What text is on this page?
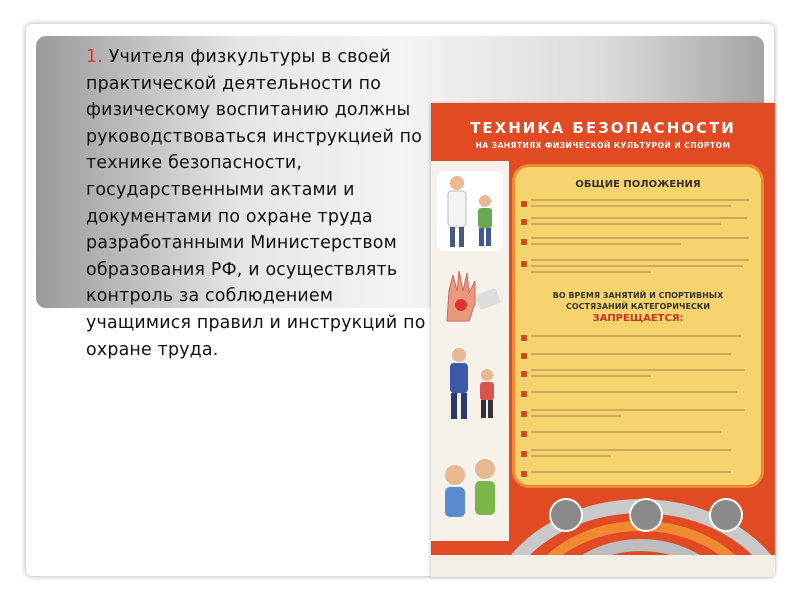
1. Учителя физкультуры в своей практической деятельности по физическому воспитанию должны руководствоваться инструкцией по технике безопасности, государственными актами и документами по охране труда разработанными Министерством образования РФ, и осуществлять контроль за соблюдением учащимися правил и инструкций по охране труда.
ТЕХНИКА БЕЗОПАСНОСТИ
НА ЗАНЯТИЯХ ФИЗИЧЕСКОЙ КУЛЬТУРОЙ И СПОРТОМ
ОБЩИЕ ПОЛОЖЕНИЯ
ВО ВРЕМЯ ЗАНЯТИЙ И СПОРТИВНЫХ
СОСТЯЗАНИЙ КАТЕГОРИЧЕСКИ
ЗАПРЕЩАЕТСЯ:
